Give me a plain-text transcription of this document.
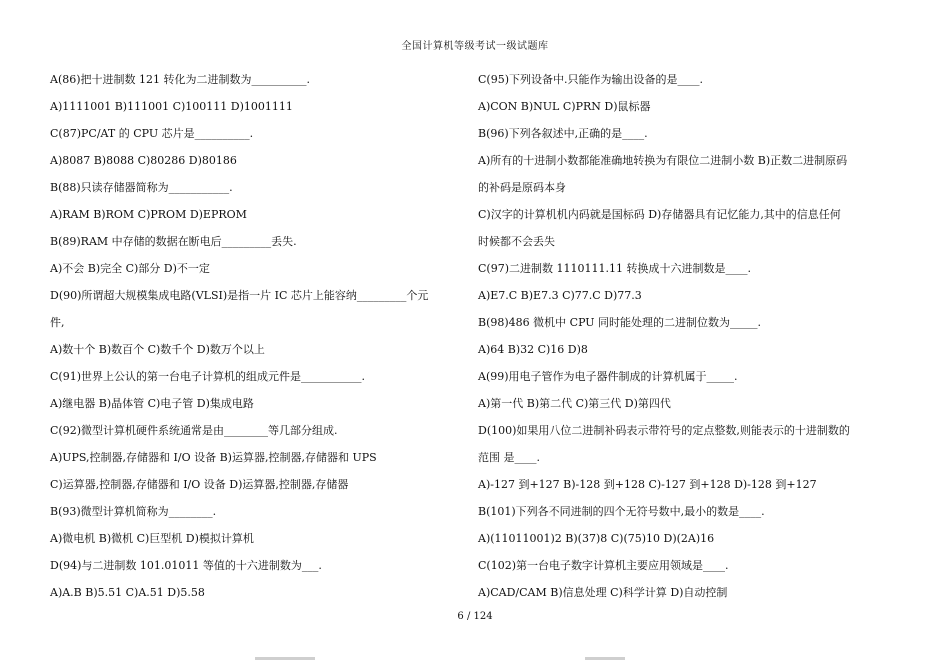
全国计算机等级考试一级试题库
A(86)把十进制数 121 转化为二进制数为__________.
A)1111001 B)111001 C)100111 D)1001111
C(87)PC/AT 的 CPU 芯片是__________.
A)8087 B)8088 C)80286 D)80186
B(88)只读存储器简称为___________.
A)RAM B)ROM C)PROM D)EPROM
B(89)RAM 中存储的数据在断电后_________丢失.
A)不会 B)完全 C)部分 D)不一定
D(90)所谓超大规模集成电路(VLSI)是指一片 IC 芯片上能容纳_________个元
件,
A)数十个 B)数百个 C)数千个 D)数万个以上
C(91)世界上公认的第一台电子计算机的组成元件是___________.
A)继电器 B)晶体管 C)电子管 D)集成电路
C(92)微型计算机硬件系统通常是由________等几部分组成.
A)UPS,控制器,存储器和 I/O 设备 B)运算器,控制器,存储器和 UPS
C)运算器,控制器,存储器和 I/O 设备 D)运算器,控制器,存储器
B(93)微型计算机简称为________.
A)微电机 B)微机 C)巨型机 D)模拟计算机
D(94)与二进制数 101.01011 等值的十六进制数为___.
A)A.B B)5.51 C)A.51 D)5.58
C(95)下列设备中.只能作为输出设备的是____.
A)CON B)NUL C)PRN D)鼠标器
B(96)下列各叙述中,正确的是____.
A)所有的十进制小数都能准确地转换为有限位二进制小数 B)正数二进制原码
的补码是原码本身
C)汉字的计算机机内码就是国标码 D)存储器具有记忆能力,其中的信息任何
时候都不会丢失
C(97)二进制数 1110111.11 转换成十六进制数是____.
A)E7.C B)E7.3 C)77.C D)77.3
B(98)486 微机中 CPU 同时能处理的二进制位数为_____.
A)64 B)32 C)16 D)8
A(99)用电子管作为电子器件制成的计算机属于_____.
A)第一代 B)第二代 C)第三代 D)第四代
D(100)如果用八位二进制补码表示带符号的定点整数,则能表示的十进制数的
范围 是____.
A)-127 到+127 B)-128 到+128 C)-127 到+128 D)-128 到+127
B(101)下列各不同进制的四个无符号数中,最小的数是____.
A)(11011001)2 B)(37)8 C)(75)10 D)(2A)16
C(102)第一台电子数字计算机主要应用领域是____.
A)CAD/CAM B)信息处理 C)科学计算 D)自动控制
6 / 124
